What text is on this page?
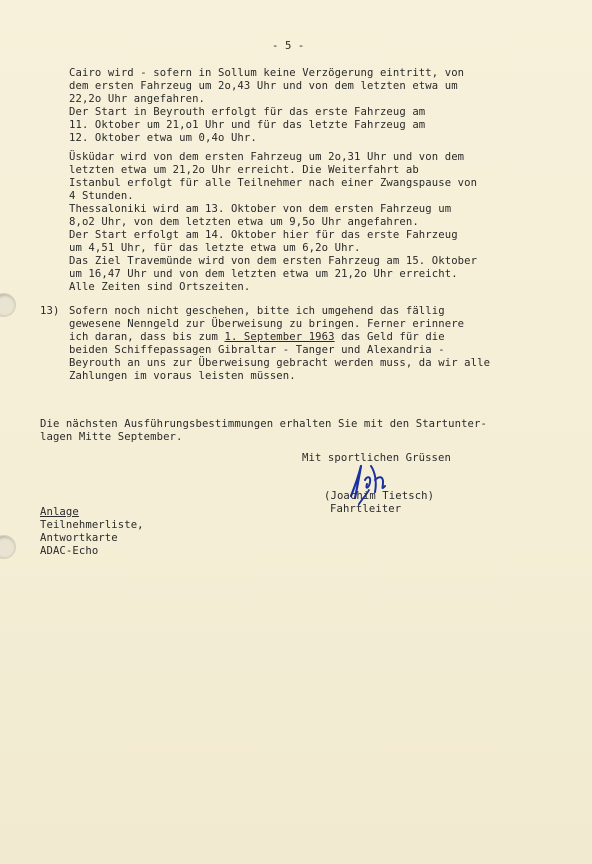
- 5 -
Cairo wird - sofern in Sollum keine Verzögerung eintritt, von
dem ersten Fahrzeug um 2o,43 Uhr und von dem letzten etwa um
22,2o Uhr angefahren.
Der Start in Beyrouth erfolgt für das erste Fahrzeug am
11. Oktober um 21,o1 Uhr und für das letzte Fahrzeug am
12. Oktober etwa um 0,4o Uhr.
Üsküdar wird von dem ersten Fahrzeug um 2o,31 Uhr und von dem
letzten etwa um 21,2o Uhr erreicht. Die Weiterfahrt ab
Istanbul erfolgt für alle Teilnehmer nach einer Zwangspause von
4 Stunden.
Thessaloniki wird am 13. Oktober von dem ersten Fahrzeug um
8,o2 Uhr, von dem letzten etwa um 9,5o Uhr angefahren.
Der Start erfolgt am 14. Oktober hier für das erste Fahrzeug
um 4,51 Uhr, für das letzte etwa um 6,2o Uhr.
Das Ziel Travemünde wird von dem ersten Fahrzeug am 15. Oktober
um 16,47 Uhr und von dem letzten etwa um 21,2o Uhr erreicht.
Alle Zeiten sind Ortszeiten.
13) Sofern noch nicht geschehen, bitte ich umgehend das fällig
gewesene Nenngeld zur Überweisung zu bringen. Ferner erinnere
ich daran, dass bis zum 1. September 1963 das Geld für die
beiden Schiffepassagen Gibraltar - Tanger und Alexandria -
Beyrouth an uns zur Überweisung gebracht werden muss, da wir alle
Zahlungen im voraus leisten müssen.
Die nächsten Ausführungsbestimmungen erhalten Sie mit den Startunter-
lagen Mitte September.
Mit sportlichen Grüssen
(Joachim Tietsch)
Fahrtleiter
Anlage
Teilnehmerliste,
Antwortkarte
ADAC-Echo
